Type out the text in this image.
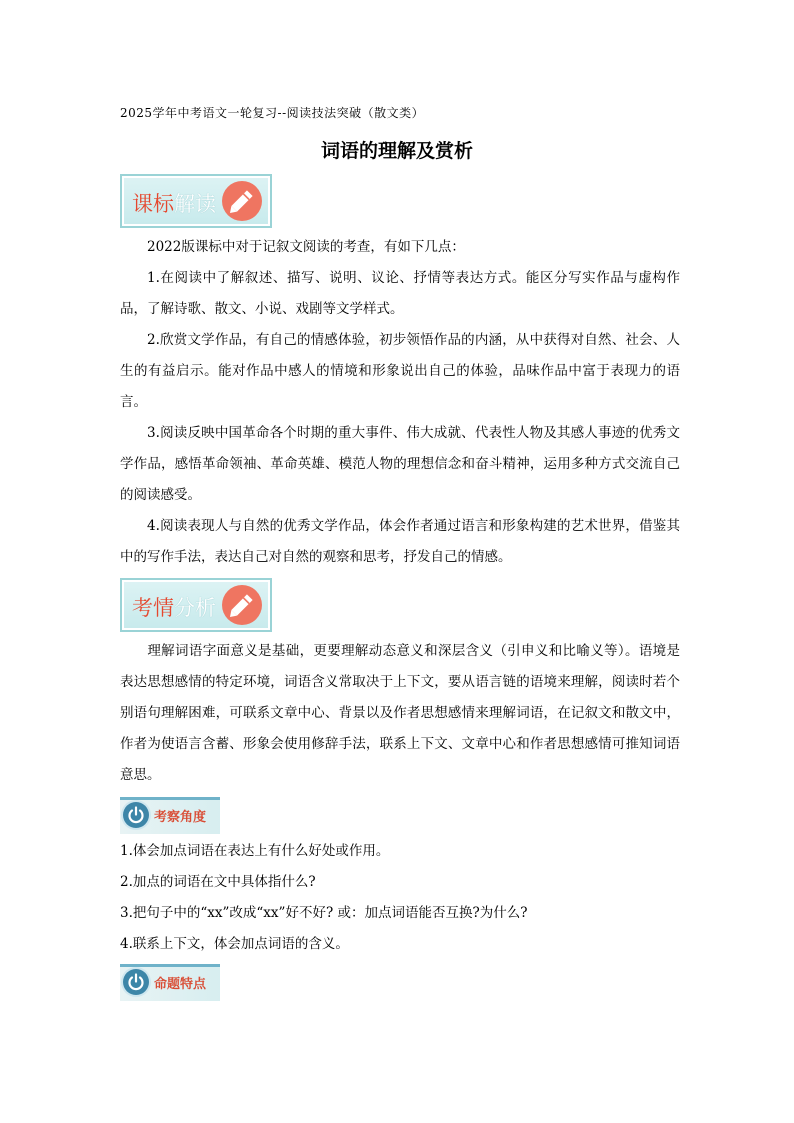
2025学年中考语文一轮复习--阅读技法突破（散文类）
词语的理解及赏析
课标解读
2022版课标中对于记叙文阅读的考查，有如下几点：
1.在阅读中了解叙述、描写、说明、议论、抒情等表达方式。能区分写实作品与虚构作品，了解诗歌、散文、小说、戏剧等文学样式。
2.欣赏文学作品，有自己的情感体验，初步领悟作品的内涵，从中获得对自然、社会、人生的有益启示。能对作品中感人的情境和形象说出自己的体验，品味作品中富于表现力的语言。
3.阅读反映中国革命各个时期的重大事件、伟大成就、代表性人物及其感人事迹的优秀文学作品，感悟革命领袖、革命英雄、模范人物的理想信念和奋斗精神，运用多种方式交流自己的阅读感受。
4.阅读表现人与自然的优秀文学作品，体会作者通过语言和形象构建的艺术世界，借鉴其中的写作手法，表达自己对自然的观察和思考，抒发自己的情感。
考情分析
理解词语字面意义是基础，更要理解动态意义和深层含义（引申义和比喻义等）。语境是表达思想感情的特定环境，词语含义常取决于上下文，要从语言链的语境来理解，阅读时若个别语句理解困难，可联系文章中心、背景以及作者思想感情来理解词语，在记叙文和散文中，作者为使语言含蓄、形象会使用修辞手法，联系上下文、文章中心和作者思想感情可推知词语意思。
考察角度
1.体会加点词语在表达上有什么好处或作用。
2.加点的词语在文中具体指什么?
3.把句子中的“xx”改成“xx”好不好? 或：加点词语能否互换?为什么?
4.联系上下文，体会加点词语的含义。
命题特点
